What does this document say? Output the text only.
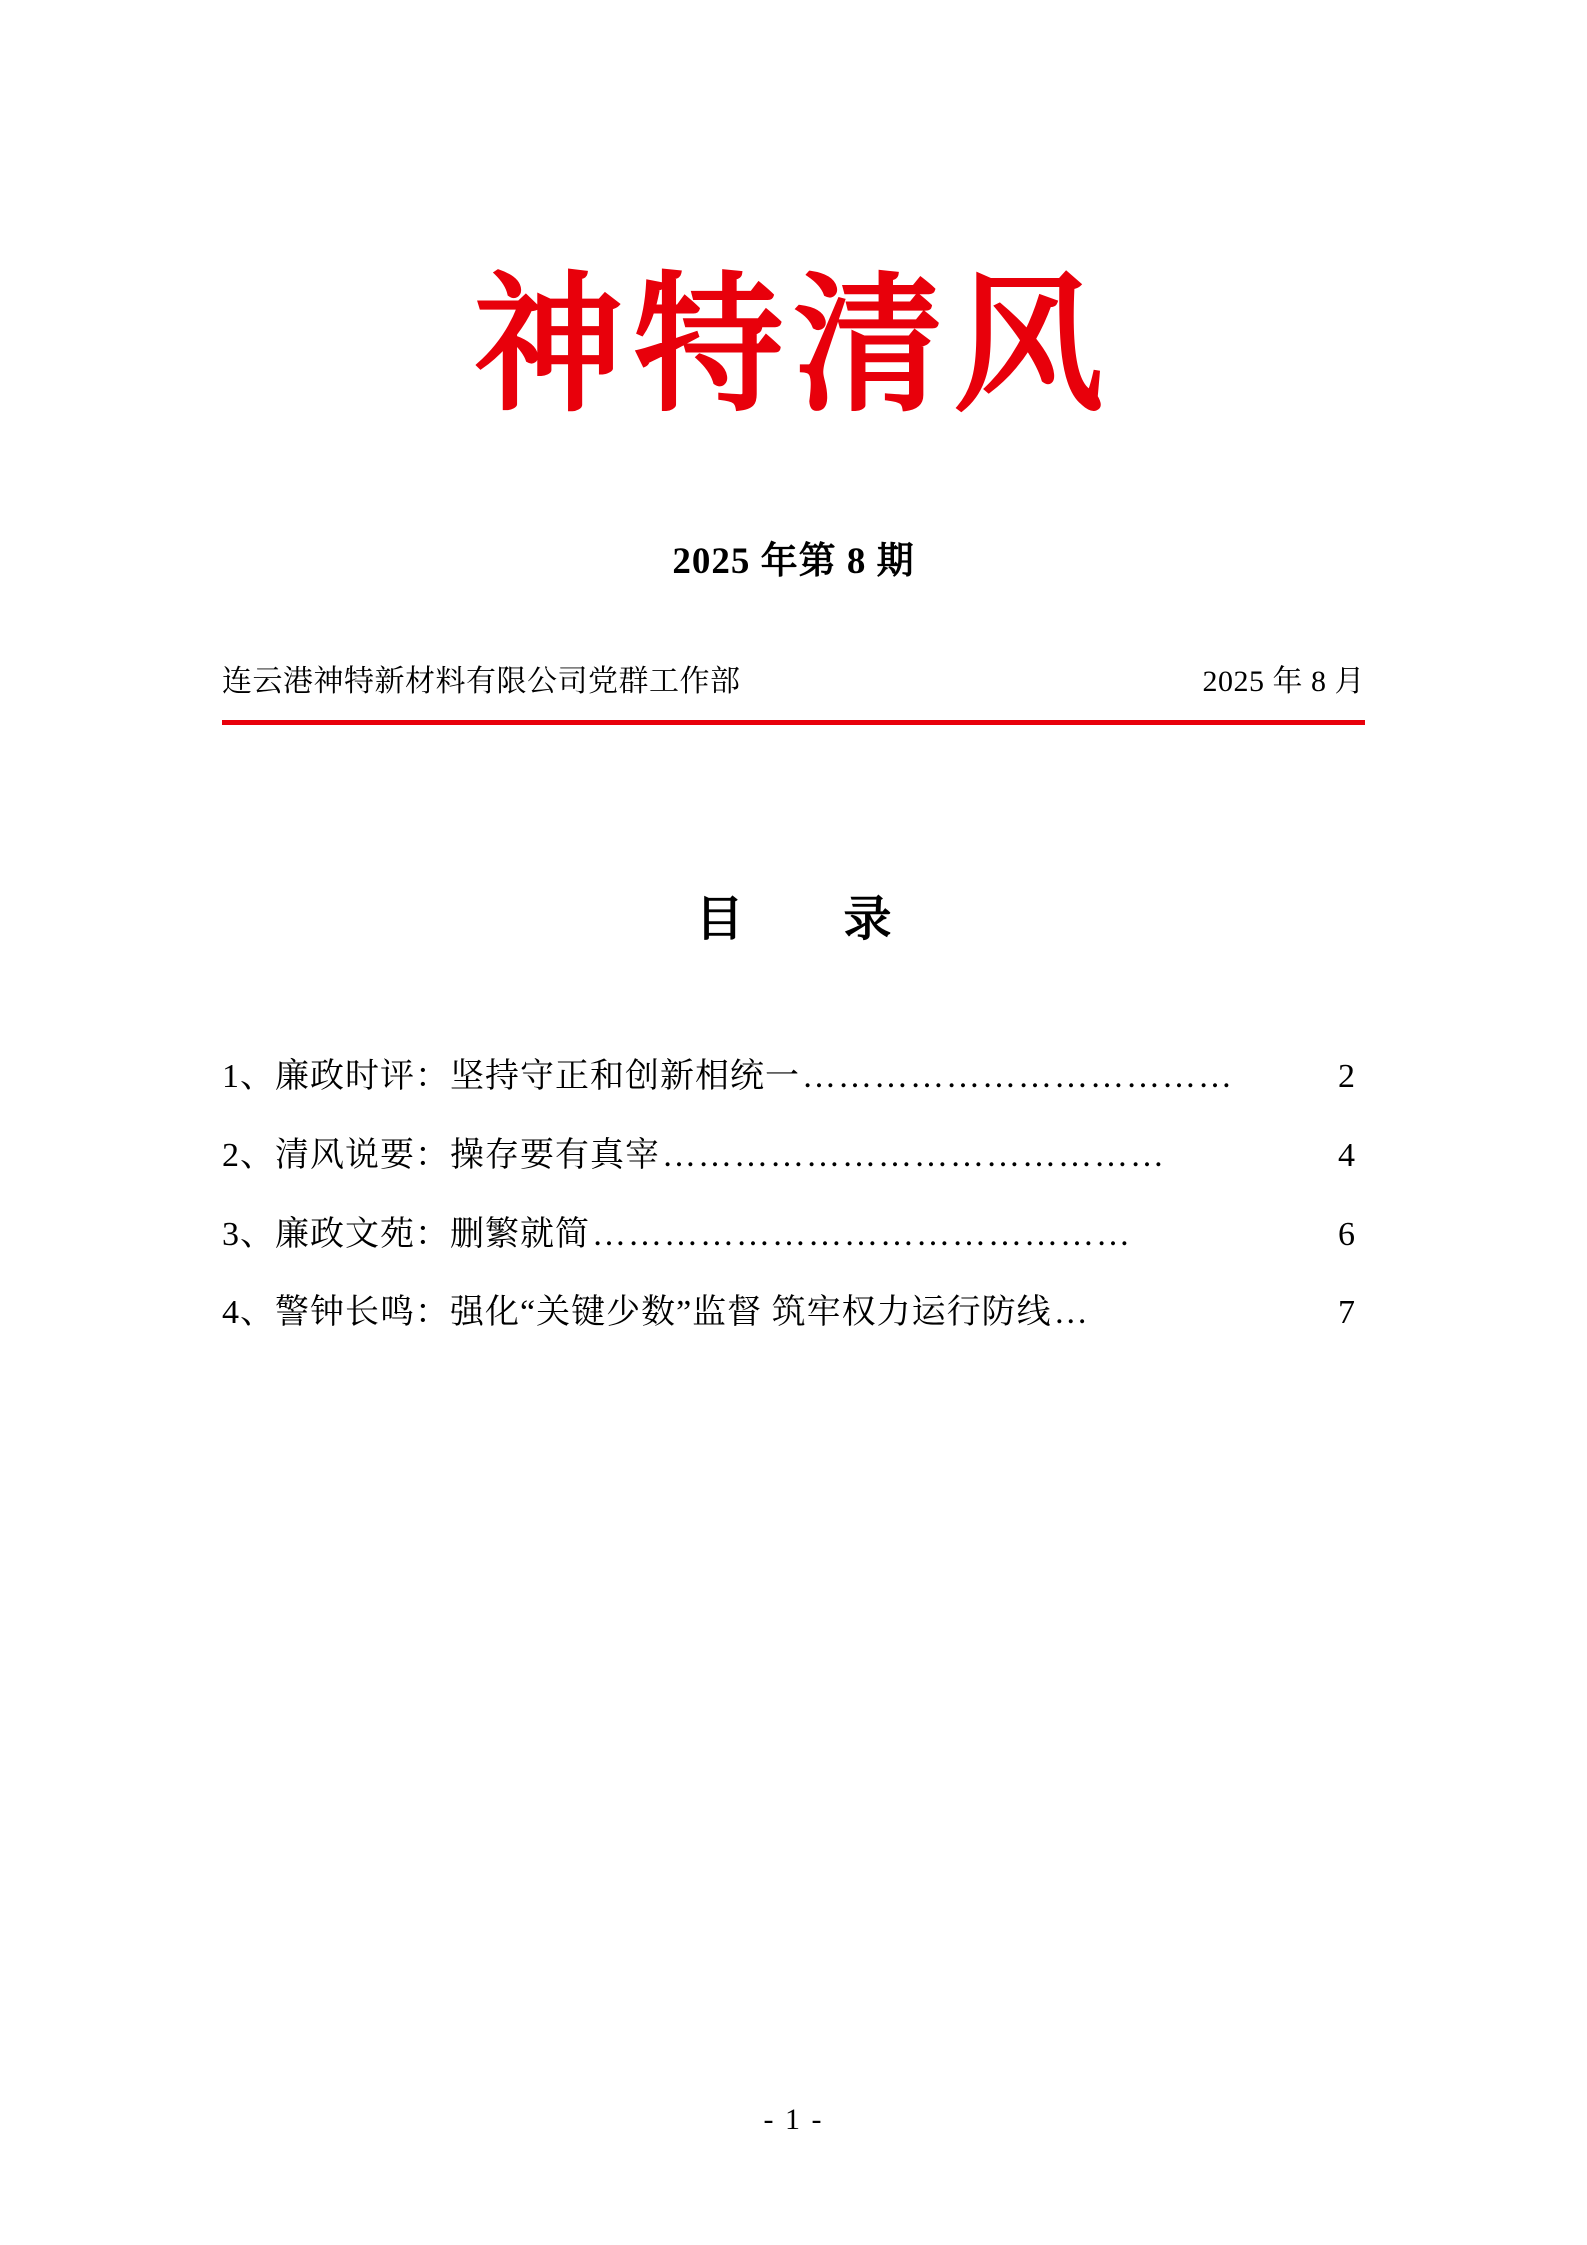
神特清风
2025 年第 8 期
连云港神特新材料有限公司党群工作部	2025 年 8 月
目　录
1、廉政时评：坚持守正和创新相统一 ………………………………	2
2、清风说要：操存要有真宰 ……………………………………	4
3、廉政文苑：删繁就简 ………………………………………	6
4、警钟长鸣：强化“关键少数”监督 筑牢权力运行防线 …	7
- 1 -
